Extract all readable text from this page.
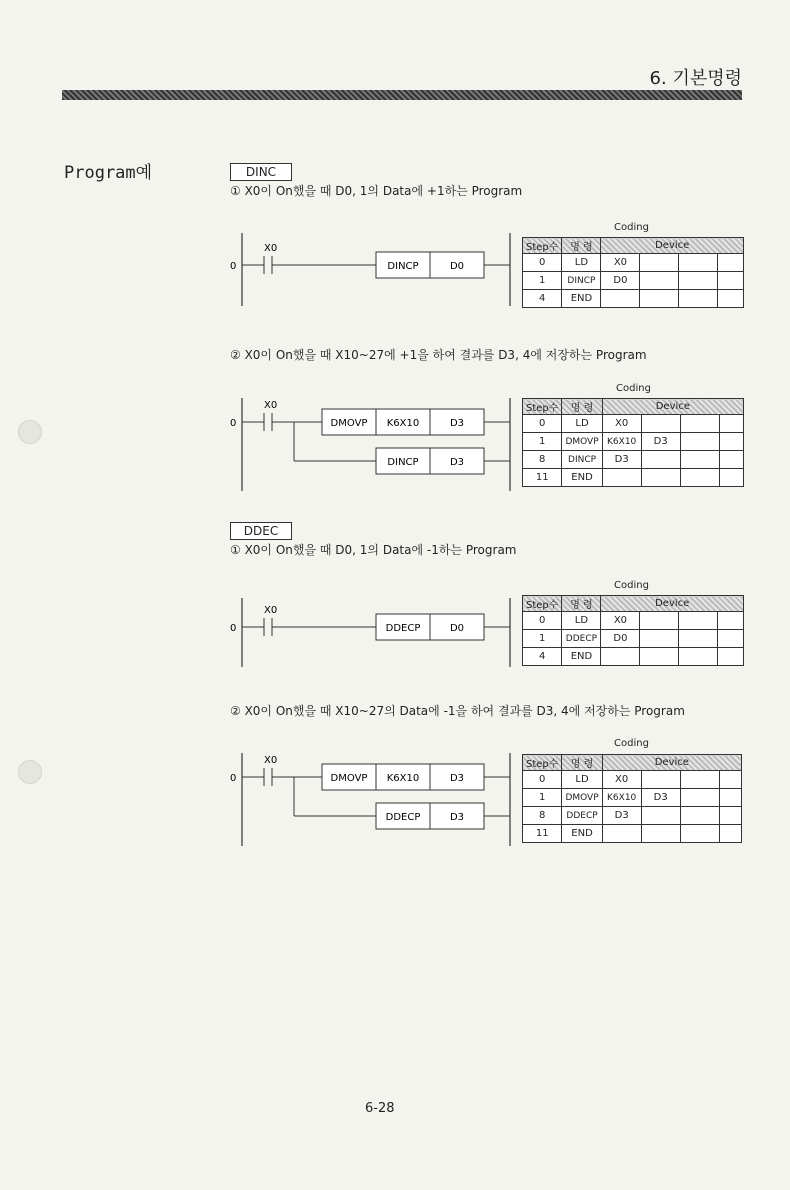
6. 기본명령
Program예	DINC
① X0이 On했을 때 D0, 1의 Data에 +1하는 Program
0
X0
DINCP	D0
Coding
Step수	명 령	Device			
0	LD	X0			
1	DINCP	D0			
4	END				
② X0이 On했을 때 X10~27에 +1을 하여 결과를 D3, 4에 저장하는 Program
0
X0
DMOVP K6X10	D3
DINCP	D3
Coding
Step수	명 령	Device			
0	LD	X0			
1	DMOVP	K6X10	D3		
8	DINCP	D3			
11	END				
DDEC
① X0이 On했을 때 D0, 1의 Data에 -1하는 Program
0
X0
DDECP	D0
Coding
Step수	명 령	Device			
0	LD	X0			
1	DDECP	D0			
4	END				
② X0이 On했을 때 X10~27의 Data에 -1을 하여 결과를 D3, 4에 저장하는 Program
0
X0
DMOVP K6X10	D3
DDECP	D3
Coding
Step수	명 령	Device			
0	LD	X0			
1	DMOVP	K6X10	D3		
8	DDECP	D3			
11	END				
6-28
